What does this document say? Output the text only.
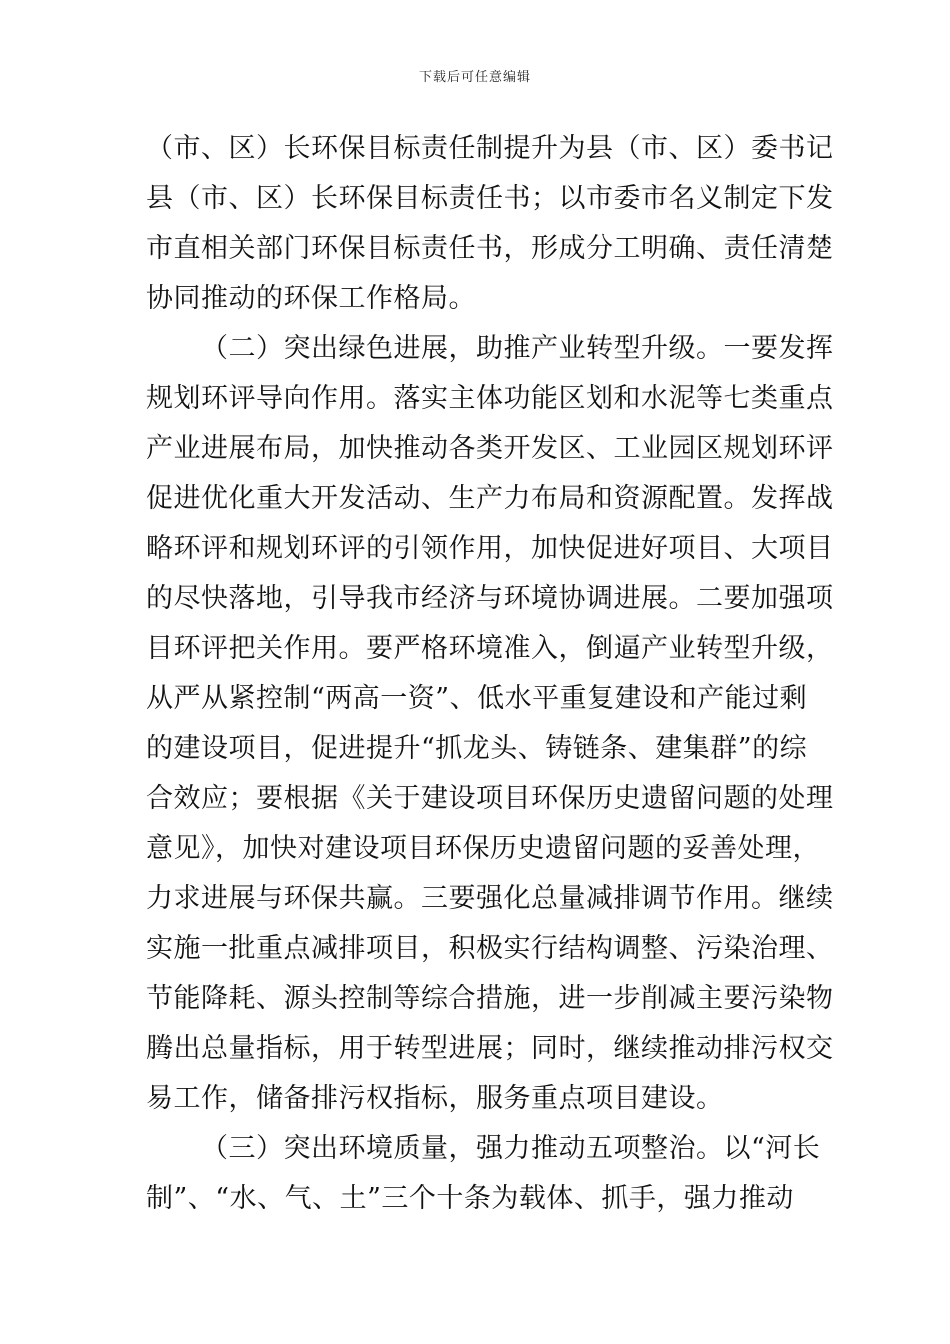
下载后可任意编辑
（市、区）长环保目标责任制提升为县（市、区）委书记
县（市、区）长环保目标责任书；以市委市名义制定下发
市直相关部门环保目标责任书，形成分工明确、责任清楚
协同推动的环保工作格局。
（二）突出绿色进展，助推产业转型升级。一要发挥
规划环评导向作用。落实主体功能区划和水泥等七类重点
产业进展布局，加快推动各类开发区、工业园区规划环评
促进优化重大开发活动、生产力布局和资源配置。发挥战
略环评和规划环评的引领作用，加快促进好项目、大项目
的尽快落地，引导我市经济与环境协调进展。二要加强项
目环评把关作用。要严格环境准入，倒逼产业转型升级，
从严从紧控制“两高一资”、低水平重复建设和产能过剩
的建设项目，促进提升“抓龙头、铸链条、建集群”的综
合效应；要根据《关于建设项目环保历史遗留问题的处理
意见》，加快对建设项目环保历史遗留问题的妥善处理，
力求进展与环保共赢。三要强化总量减排调节作用。继续
实施一批重点减排项目，积极实行结构调整、污染治理、
节能降耗、源头控制等综合措施，进一步削减主要污染物
腾出总量指标，用于转型进展；同时，继续推动排污权交
易工作，储备排污权指标，服务重点项目建设。
（三）突出环境质量，强力推动五项整治。以“河长
制”、“水、气、土”三个十条为载体、抓手，强力推动
